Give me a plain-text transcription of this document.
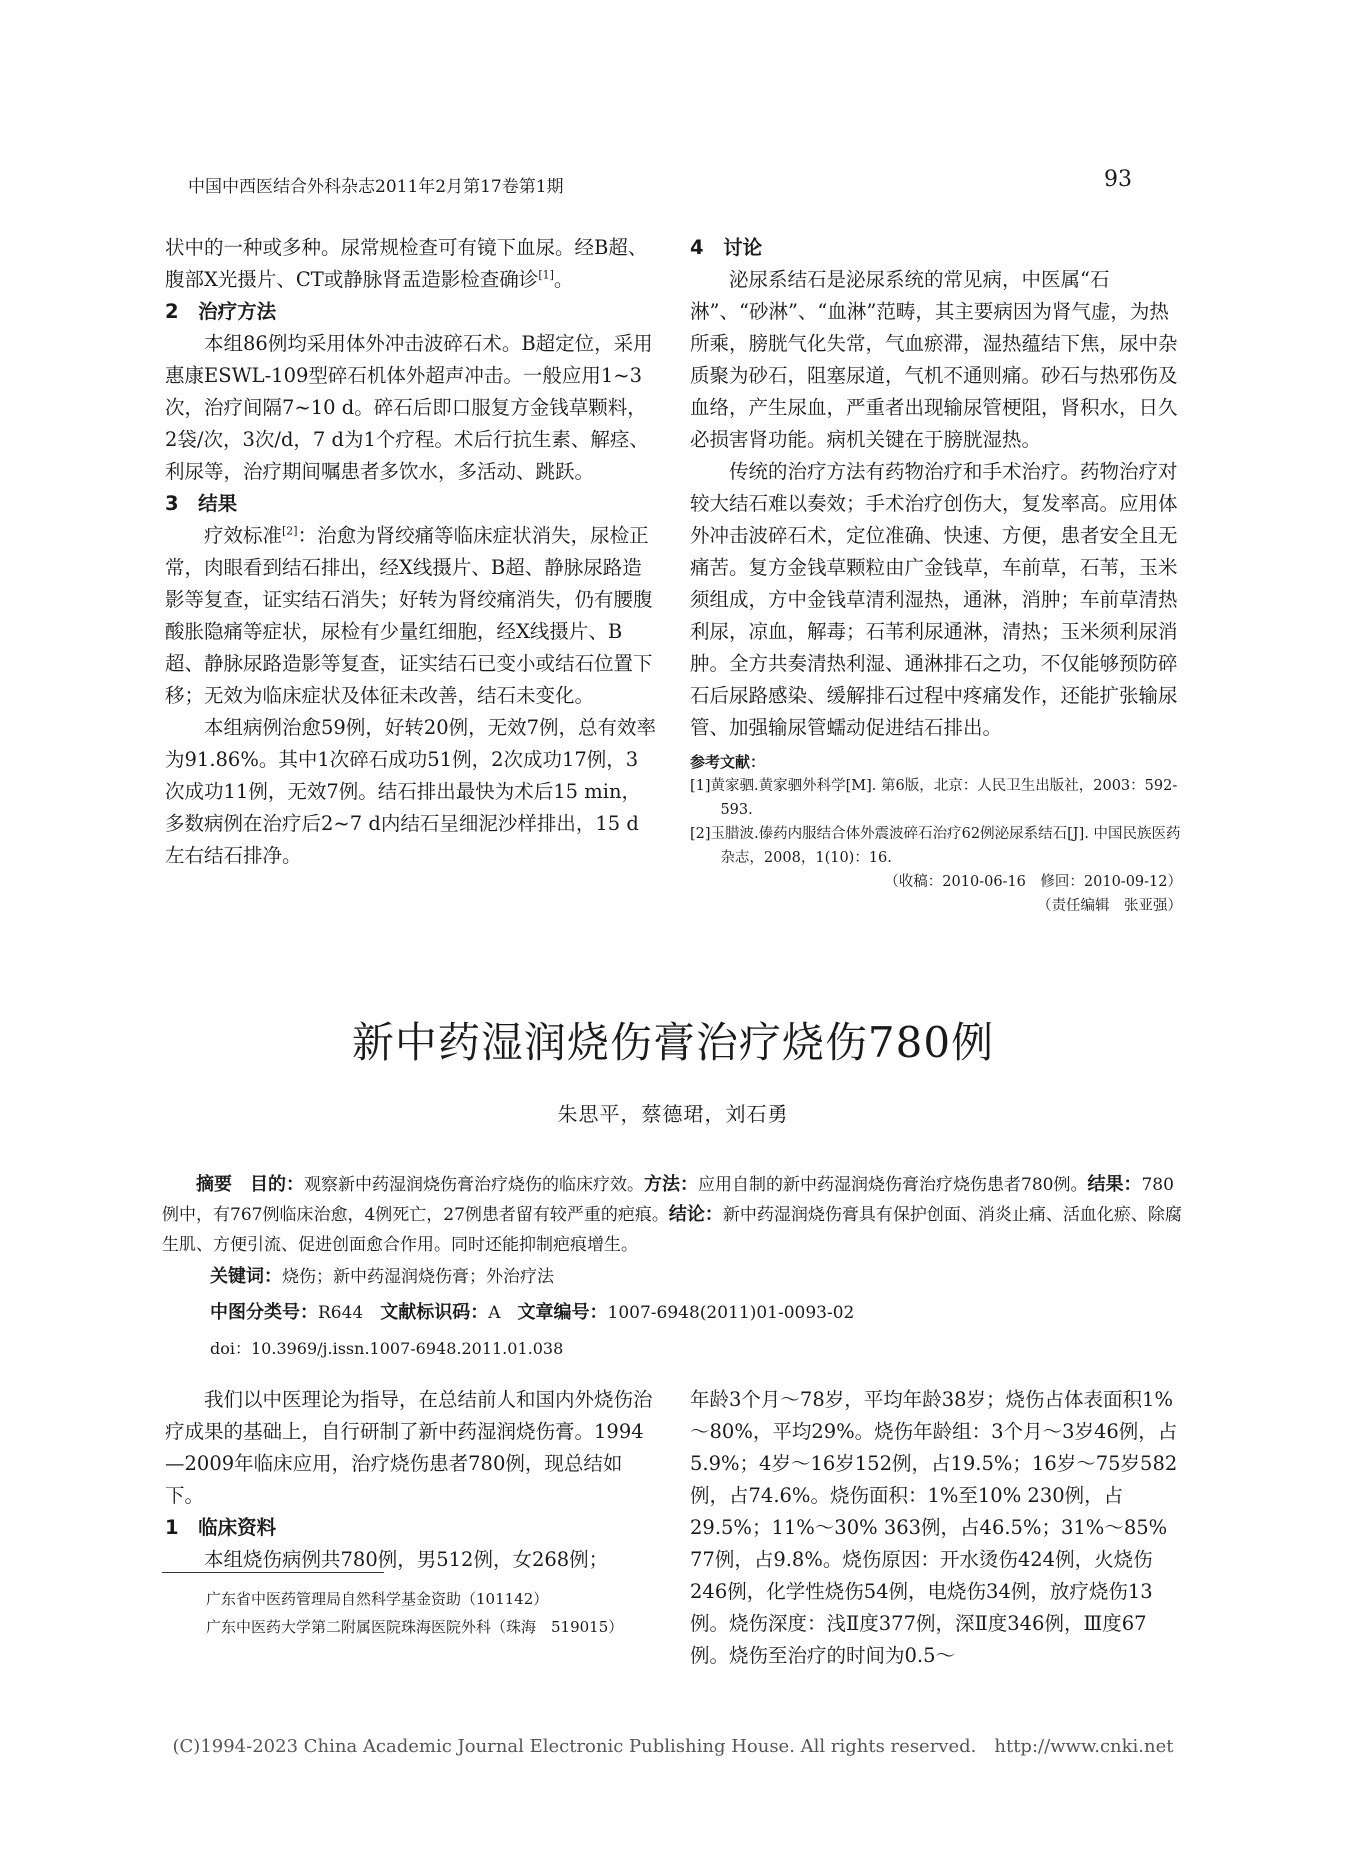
中国中西医结合外科杂志2011年2月第17卷第1期	93

状中的一种或多种。尿常规检查可有镜下血尿。经B超、腹部X光摄片、CT或静脉肾盂造影检查确诊[1]。

2　治疗方法

本组86例均采用体外冲击波碎石术。B超定位，采用惠康ESWL-109型碎石机体外超声冲击。一般应用1~3次，治疗间隔7~10 d。碎石后即口服复方金钱草颗料，2袋/次，3次/d，7 d为1个疗程。术后行抗生素、解痉、利尿等，治疗期间嘱患者多饮水，多活动、跳跃。

3　结果

疗效标准[2]：治愈为肾绞痛等临床症状消失，尿检正常，肉眼看到结石排出，经X线摄片、B超、静脉尿路造影等复查，证实结石消失；好转为肾绞痛消失，仍有腰腹酸胀隐痛等症状，尿检有少量红细胞，经X线摄片、B超、静脉尿路造影等复查，证实结石已变小或结石位置下移；无效为临床症状及体征未改善，结石未变化。

本组病例治愈59例，好转20例，无效7例，总有效率为91.86%。其中1次碎石成功51例，2次成功17例，3次成功11例，无效7例。结石排出最快为术后15 min，多数病例在治疗后2~7 d内结石呈细泥沙样排出，15 d左右结石排净。

4　讨论

泌尿系结石是泌尿系统的常见病，中医属“石淋”、“砂淋”、“血淋”范畴，其主要病因为肾气虚，为热所乘，膀胱气化失常，气血瘀滞，湿热蕴结下焦，尿中杂质聚为砂石，阻塞尿道，气机不通则痛。砂石与热邪伤及血络，产生尿血，严重者出现输尿管梗阻，肾积水，日久必损害肾功能。病机关键在于膀胱湿热。

传统的治疗方法有药物治疗和手术治疗。药物治疗对较大结石难以奏效；手术治疗创伤大，复发率高。应用体外冲击波碎石术，定位准确、快速、方便，患者安全且无痛苦。复方金钱草颗粒由广金钱草，车前草，石苇，玉米须组成，方中金钱草清利湿热，通淋，消肿；车前草清热利尿，凉血，解毒；石苇利尿通淋，清热；玉米须利尿消肿。全方共奏清热利湿、通淋排石之功，不仅能够预防碎石后尿路感染、缓解排石过程中疼痛发作，还能扩张输尿管、加强输尿管蠕动促进结石排出。

参考文献：
[1]黄家驷.黄家驷外科学[M]. 第6版，北京：人民卫生出版社，2003：592-593.
[2]玉腊波.傣药内服结合体外震波碎石治疗62例泌尿系结石[J]. 中国民族医药杂志，2008，1(10)：16.
（收稿：2010-06-16　修回：2010-09-12）
（责任编辑　张亚强）
新中药湿润烧伤膏治疗烧伤780例
朱思平，蔡德珺，刘石勇

摘要　目的：观察新中药湿润烧伤膏治疗烧伤的临床疗效。方法：应用自制的新中药湿润烧伤膏治疗烧伤患者780例。结果：780例中，有767例临床治愈，4例死亡，27例患者留有较严重的疤痕。结论：新中药湿润烧伤膏具有保护创面、消炎止痛、活血化瘀、除腐生肌、方便引流、促进创面愈合作用。同时还能抑制疤痕增生。

关键词：烧伤；新中药湿润烧伤膏；外治疗法
中图分类号：R644　 文献标识码：A　 文章编号：1007-6948(2011)01-0093-02
doi：10.3969/j.issn.1007-6948.2011.01.038

我们以中医理论为指导，在总结前人和国内外烧伤治疗成果的基础上，自行研制了新中药湿润烧伤膏。1994—2009年临床应用，治疗烧伤患者780例，现总结如下。

1　临床资料

本组烧伤病例共780例，男512例，女268例；

广东省中医药管理局自然科学基金资助（101142）
广东中医药大学第二附属医院珠海医院外科（珠海　519015）

年龄3个月～78岁，平均年龄38岁；烧伤占体表面积1%～80%，平均29%。烧伤年龄组：3个月～3岁46例，占5.9%；4岁～16岁152例，占19.5%；16岁～75岁582例，占74.6%。烧伤面积：1%至10% 230例，占29.5%；11%～30% 363例，占46.5%；31%～85% 77例，占9.8%。烧伤原因：开水烫伤424例，火烧伤246例，化学性烧伤54例，电烧伤34例，放疗烧伤13例。烧伤深度：浅Ⅱ度377例，深Ⅱ度346例，Ⅲ度67例。烧伤至治疗的时间为0.5～

(C)1994-2023 China Academic Journal Electronic Publishing House. All rights reserved.　http://www.cnki.net
